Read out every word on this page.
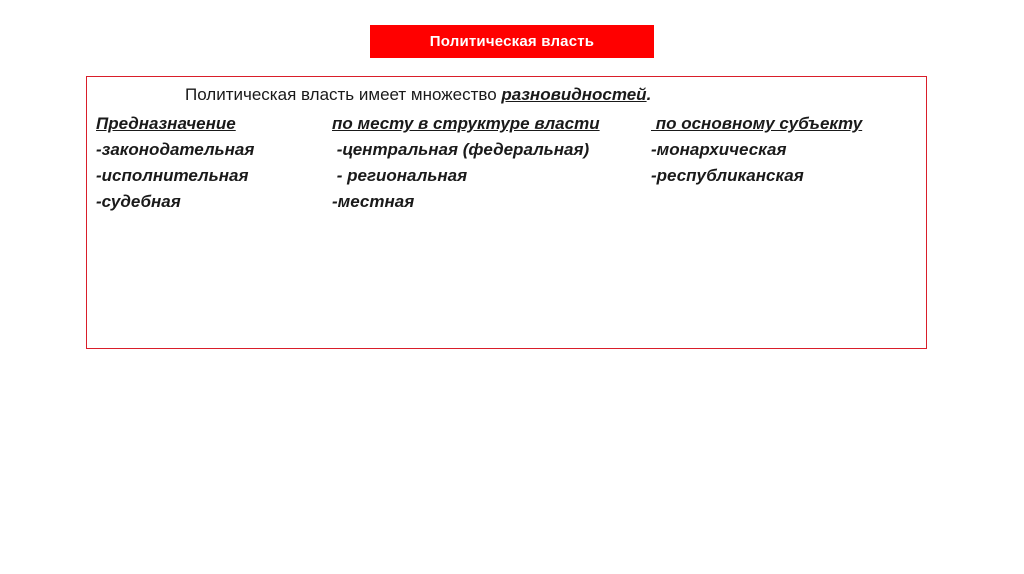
Политическая власть
Политическая власть имеет множество разновидностей.
Предназначение
-законодательная
-исполнительная
-судебная
по месту в структуре власти
-центральная (федеральная)
- региональная
-местная
по основному субъекту
-монархическая
-республиканская
